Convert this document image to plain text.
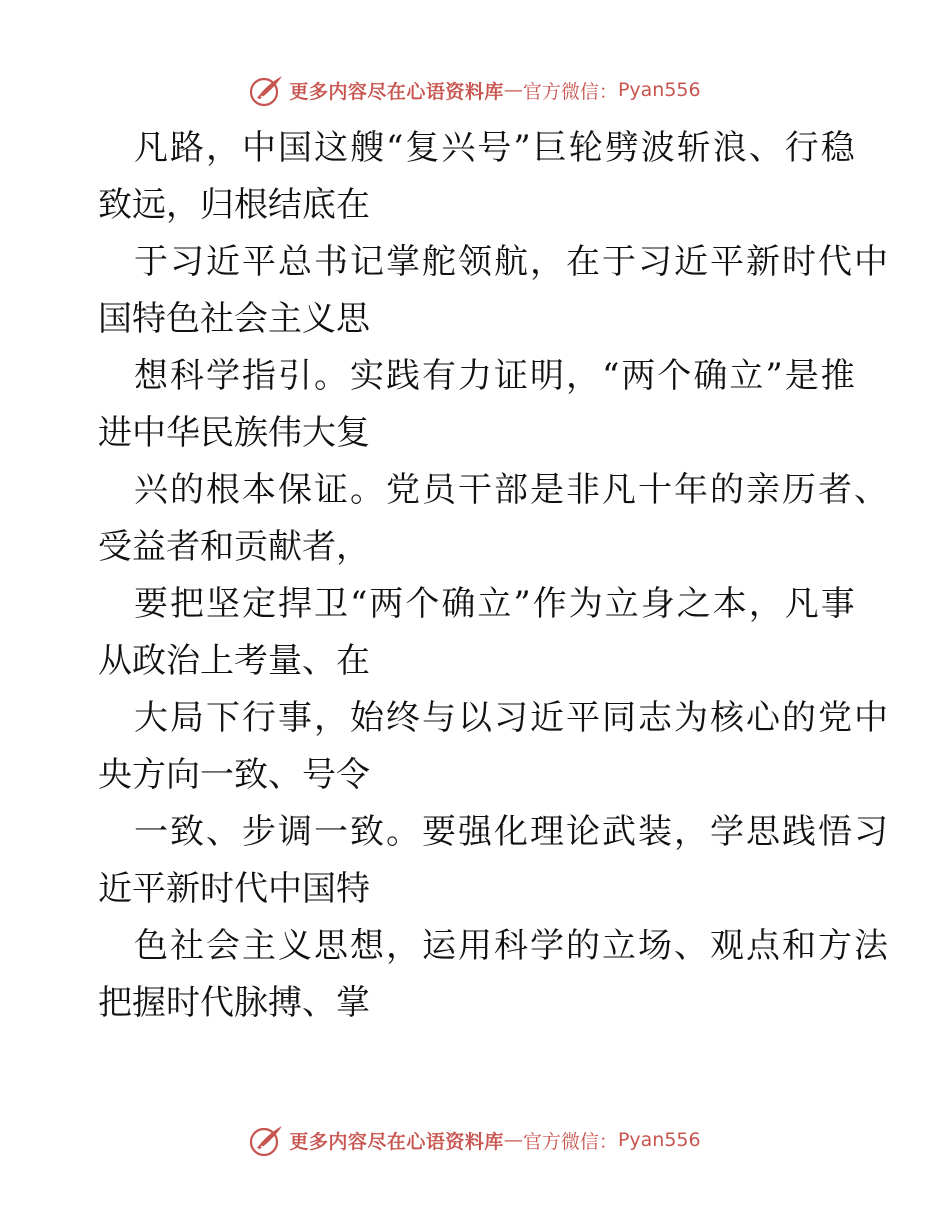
更多内容尽在心语资料库 — 官方微信： Pyan556
凡路，中国这艘“复兴号”巨轮劈波斩浪、行稳
致远，归根结底在
于习近平总书记掌舵领航，在于习近平新时代中
国特色社会主义思
想科学指引。实践有力证明，“两个确立”是推
进中华民族伟大复
兴的根本保证。党员干部是非凡十年的亲历者、
受益者和贡献者，
要把坚定捍卫“两个确立”作为立身之本，凡事
从政治上考量、在
大局下行事，始终与以习近平同志为核心的党中
央方向一致、号令
一致、步调一致。要强化理论武装，学思践悟习
近平新时代中国特
色社会主义思想，运用科学的立场、观点和方法
把握时代脉搏、掌
更多内容尽在心语资料库 — 官方微信： Pyan556
